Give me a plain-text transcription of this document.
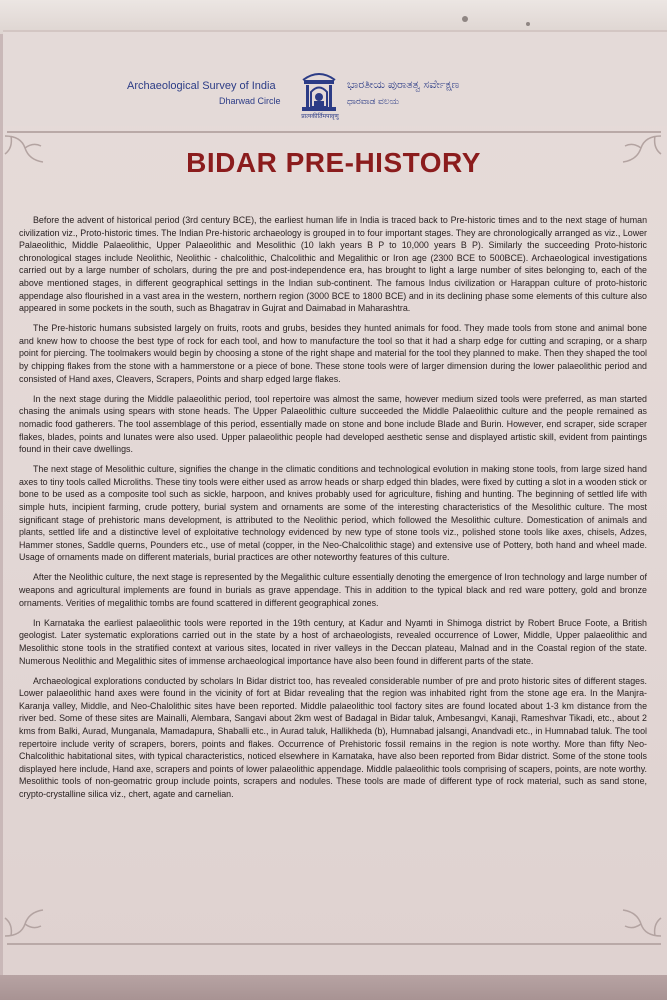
Archaeological Survey of India
Dharwad Circle
प्रात्नकीर्तिमपावृणु
ಭಾರತೀಯ ಪುರಾತತ್ವ ಸರ್ವೇಕ್ಷಣ
ಧಾರವಾಡ ವಲಯ
BIDAR PRE-HISTORY

Before the advent of historical period (3rd century BCE), the earliest human life in India is traced back to Pre-historic times and to the next stage of human civilization viz., Proto-historic times. The Indian Pre-historic archaeology is grouped in to four important stages. They are chronologically arranged as viz., Lower Palaeolithic, Middle Palaeolithic, Upper Palaeolithic and Mesolithic (10 lakh years B P to 10,000 years B P). Similarly the succeeding Proto-historic chronological stages include Neolithic, Neolithic - chalcolithic, Chalcolithic and Megalithic or Iron age (2300 BCE to 500BCE). Archaeological investigations carried out by a large number of scholars, during the pre and post-independence era, has brought to light a large number of sites belonging to, each of the above mentioned stages, in different geographical settings in the Indian sub-continent. The famous Indus civilization or Harappan culture of proto-historic appendage also flourished in a vast area in the western, northern region (3000 BCE to 1800 BCE) and in its declining phase some elements of this culture also appeared in some pockets in the south, such as Bhagatrav in Gujrat and Daimabad in Maharashtra.

The Pre-historic humans subsisted largely on fruits, roots and grubs, besides they hunted animals for food. They made tools from stone and animal bone and knew how to choose the best type of rock for each tool, and how to manufacture the tool so that it had a sharp edge for cutting and scraping, or a sharp point for piercing. The toolmakers would begin by choosing a stone of the right shape and material for the tool they planned to make. Then they shaped the tool by chipping flakes from the stone with a hammerstone or a piece of bone. These stone tools were of larger dimension during the lower palaeolithic period and consisted of Hand axes, Cleavers, Scrapers, Points and sharp edged large flakes.

In the next stage during the Middle palaeolithic period, tool repertoire was almost the same, however medium sized tools were preferred, as man started chasing the animals using spears with stone heads. The Upper Palaeolithic culture succeeded the Middle Palaeolithic culture and the people remained as nomadic food gatherers. The tool assemblage of this period, essentially made on stone and bone include Blade and Burin. However, end scraper, side scraper flakes, blades, points and lunates were also used. Upper palaeolithic people had developed aesthetic sense and displayed artistic skill, evident from paintings found in their cave dwellings.

The next stage of Mesolithic culture, signifies the change in the climatic conditions and technological evolution in making stone tools, from large sized hand axes to tiny tools called Microliths. These tiny tools were either used as arrow heads or sharp edged thin blades, were fixed by cutting a slot in a wooden stick or bone to be used as a composite tool such as sickle, harpoon, and knives probably used for agriculture, fishing and hunting. The beginning of settled life with simple huts, incipient farming, crude pottery, burial system and ornaments are some of the interesting characteristics of the Mesolithic culture. The most significant stage of prehistoric mans development, is attributed to the Neolithic period, which followed the Mesolithic culture. Domestication of animals and plants, settled life and a distinctive level of exploitative technology evidenced by new type of stone tools viz., polished stone tools like axes, chisels, Adzes, Hammer stones, Saddle querns, Pounders etc., use of metal (copper, in the Neo-Chalcolithic stage) and extensive use of Pottery, both hand and wheel made. Usage of ornaments made on different materials, burial practices are other noteworthy features of this culture.

After the Neolithic culture, the next stage is represented by the Megalithic culture essentially denoting the emergence of Iron technology and large number of weapons and agricultural implements are found in burials as grave appendage. This in addition to the typical black and red ware pottery, gold and bronze ornaments. Verities of megalithic tombs are found scattered in different geographical zones.

In Karnataka the earliest palaeolithic tools were reported in the 19th century, at Kadur and Nyamti in Shimoga district by Robert Bruce Foote, a British geologist. Later systematic explorations carried out in the state by a host of archaeologists, revealed occurrence of Lower, Middle, Upper palaeolithic and Mesolithic stone tools in the stratified context at various sites, located in river valleys in the Deccan plateau, Malnad and in the Coastal region of the state. Numerous Neolithic and Megalithic sites of immense archaeological importance have also been found in different parts of the state.

Archaeological explorations conducted by scholars In Bidar district too, has revealed considerable number of pre and proto historic sites of different stages. Lower palaeolithic hand axes were found in the vicinity of fort at Bidar revealing that the region was inhabited right from the stone age era. In the Manjra-Karanja valley, Middle, and Neo-Chalolithic sites have been reported. Middle palaeolithic tool factory sites are found located about 1-3 km distance from the river bed. Some of these sites are Mainalli, Alembara, Sangavi about 2km west of Badagal in Bidar taluk, Ambesangvi, Kanaji, Rameshvar Tikadi, etc., about 2 kms from Balki, Aurad, Munganala, Mamadapura, Shaballi etc., in Aurad taluk, Hallikheda (b), Humnabad jalsangi, Anandvadi etc., in Humnabad taluk. The tool repertoire include verity of scrapers, borers, points and flakes. Occurrence of Prehistoric fossil remains in the region is note worthy. More than fifty Neo-Chalcolithic habitational sites, with typical characteristics, noticed elsewhere in Karnataka, have also been reported from Bidar district. Some of the stone tools displayed here include, Hand axe, scrapers and points of lower palaeolithic appendage. Middle palaeolithic tools comprising of scapers, points, are note worthy. Mesolithic tools of non-geomatric group include points, scrapers and nodules. These tools are made of different type of rock material, such as sand stone, crypto-crystalline silica viz., chert, agate and carnelian.
